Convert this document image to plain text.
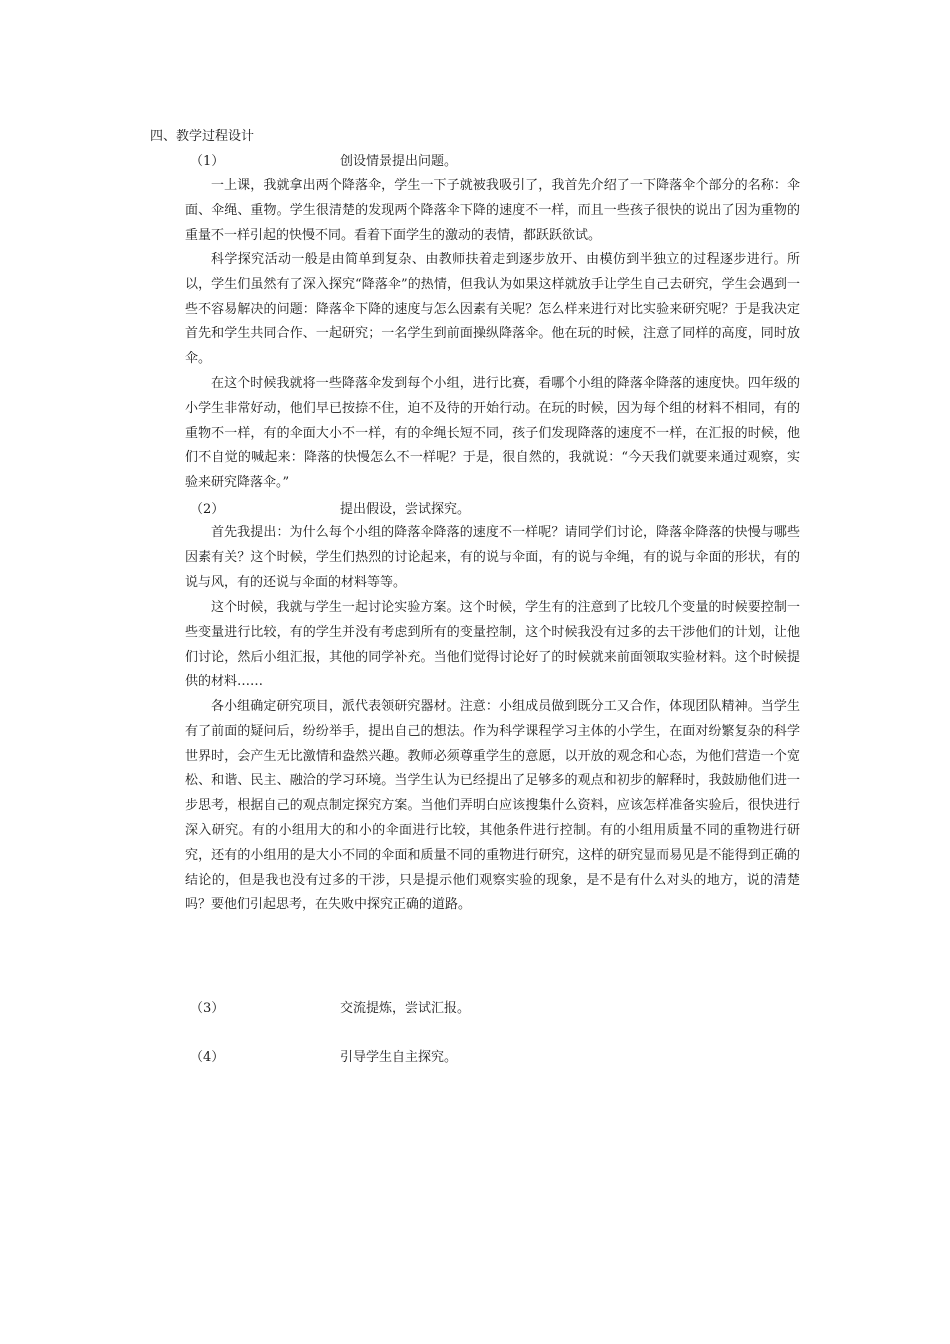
四、教学过程设计
（1）	创设情景提出问题。

一上课，我就拿出两个降落伞，学生一下子就被我吸引了，我首先介绍了一下降落伞个部分的名称：伞面、伞绳、重物。学生很清楚的发现两个降落伞下降的速度不一样，而且一些孩子很快的说出了因为重物的重量不一样引起的快慢不同。看着下面学生的激动的表情，都跃跃欲试。

科学探究活动一般是由简单到复杂、由教师扶着走到逐步放开、由模仿到半独立的过程逐步进行。所以，学生们虽然有了深入探究“降落伞”的热情，但我认为如果这样就放手让学生自己去研究，学生会遇到一些不容易解决的问题：降落伞下降的速度与怎么因素有关呢？怎么样来进行对比实验来研究呢？于是我决定首先和学生共同合作、一起研究；一名学生到前面操纵降落伞。他在玩的时候，注意了同样的高度，同时放伞。

在这个时候我就将一些降落伞发到每个小组，进行比赛，看哪个小组的降落伞降落的速度快。四年级的小学生非常好动，他们早已按捺不住，迫不及待的开始行动。在玩的时候，因为每个组的材料不相同，有的重物不一样，有的伞面大小不一样，有的伞绳长短不同，孩子们发现降落的速度不一样，在汇报的时候，他们不自觉的喊起来：降落的快慢怎么不一样呢？于是，很自然的，我就说：“今天我们就要来通过观察，实验来研究降落伞。”

（2）	提出假设，尝试探究。

首先我提出：为什么每个小组的降落伞降落的速度不一样呢？请同学们讨论，降落伞降落的快慢与哪些因素有关？这个时候，学生们热烈的讨论起来，有的说与伞面，有的说与伞绳，有的说与伞面的形状，有的说与风，有的还说与伞面的材料等等。

这个时候，我就与学生一起讨论实验方案。这个时候，学生有的注意到了比较几个变量的时候要控制一些变量进行比较，有的学生并没有考虑到所有的变量控制，这个时候我没有过多的去干涉他们的计划，让他们讨论，然后小组汇报，其他的同学补充。当他们觉得讨论好了的时候就来前面领取实验材料。这个时候提供的材料……

各小组确定研究项目，派代表领研究器材。注意：小组成员做到既分工又合作，体现团队精神。当学生有了前面的疑问后，纷纷举手，提出自己的想法。作为科学课程学习主体的小学生，在面对纷繁复杂的科学世界时，会产生无比激情和盎然兴趣。教师必须尊重学生的意愿，以开放的观念和心态，为他们营造一个宽松、和谐、民主、融洽的学习环境。当学生认为已经提出了足够多的观点和初步的解释时，我鼓励他们进一步思考，根据自己的观点制定探究方案。当他们弄明白应该搜集什么资料，应该怎样准备实验后，很快进行深入研究。有的小组用大的和小的伞面进行比较，其他条件进行控制。有的小组用质量不同的重物进行研究，还有的小组用的是大小不同的伞面和质量不同的重物进行研究，这样的研究显而易见是不能得到正确的结论的，但是我也没有过多的干涉，只是提示他们观察实验的现象，是不是有什么对头的地方，说的清楚吗？要他们引起思考，在失败中探究正确的道路。

（3）	交流提炼，尝试汇报。
（4）	引导学生自主探究。
